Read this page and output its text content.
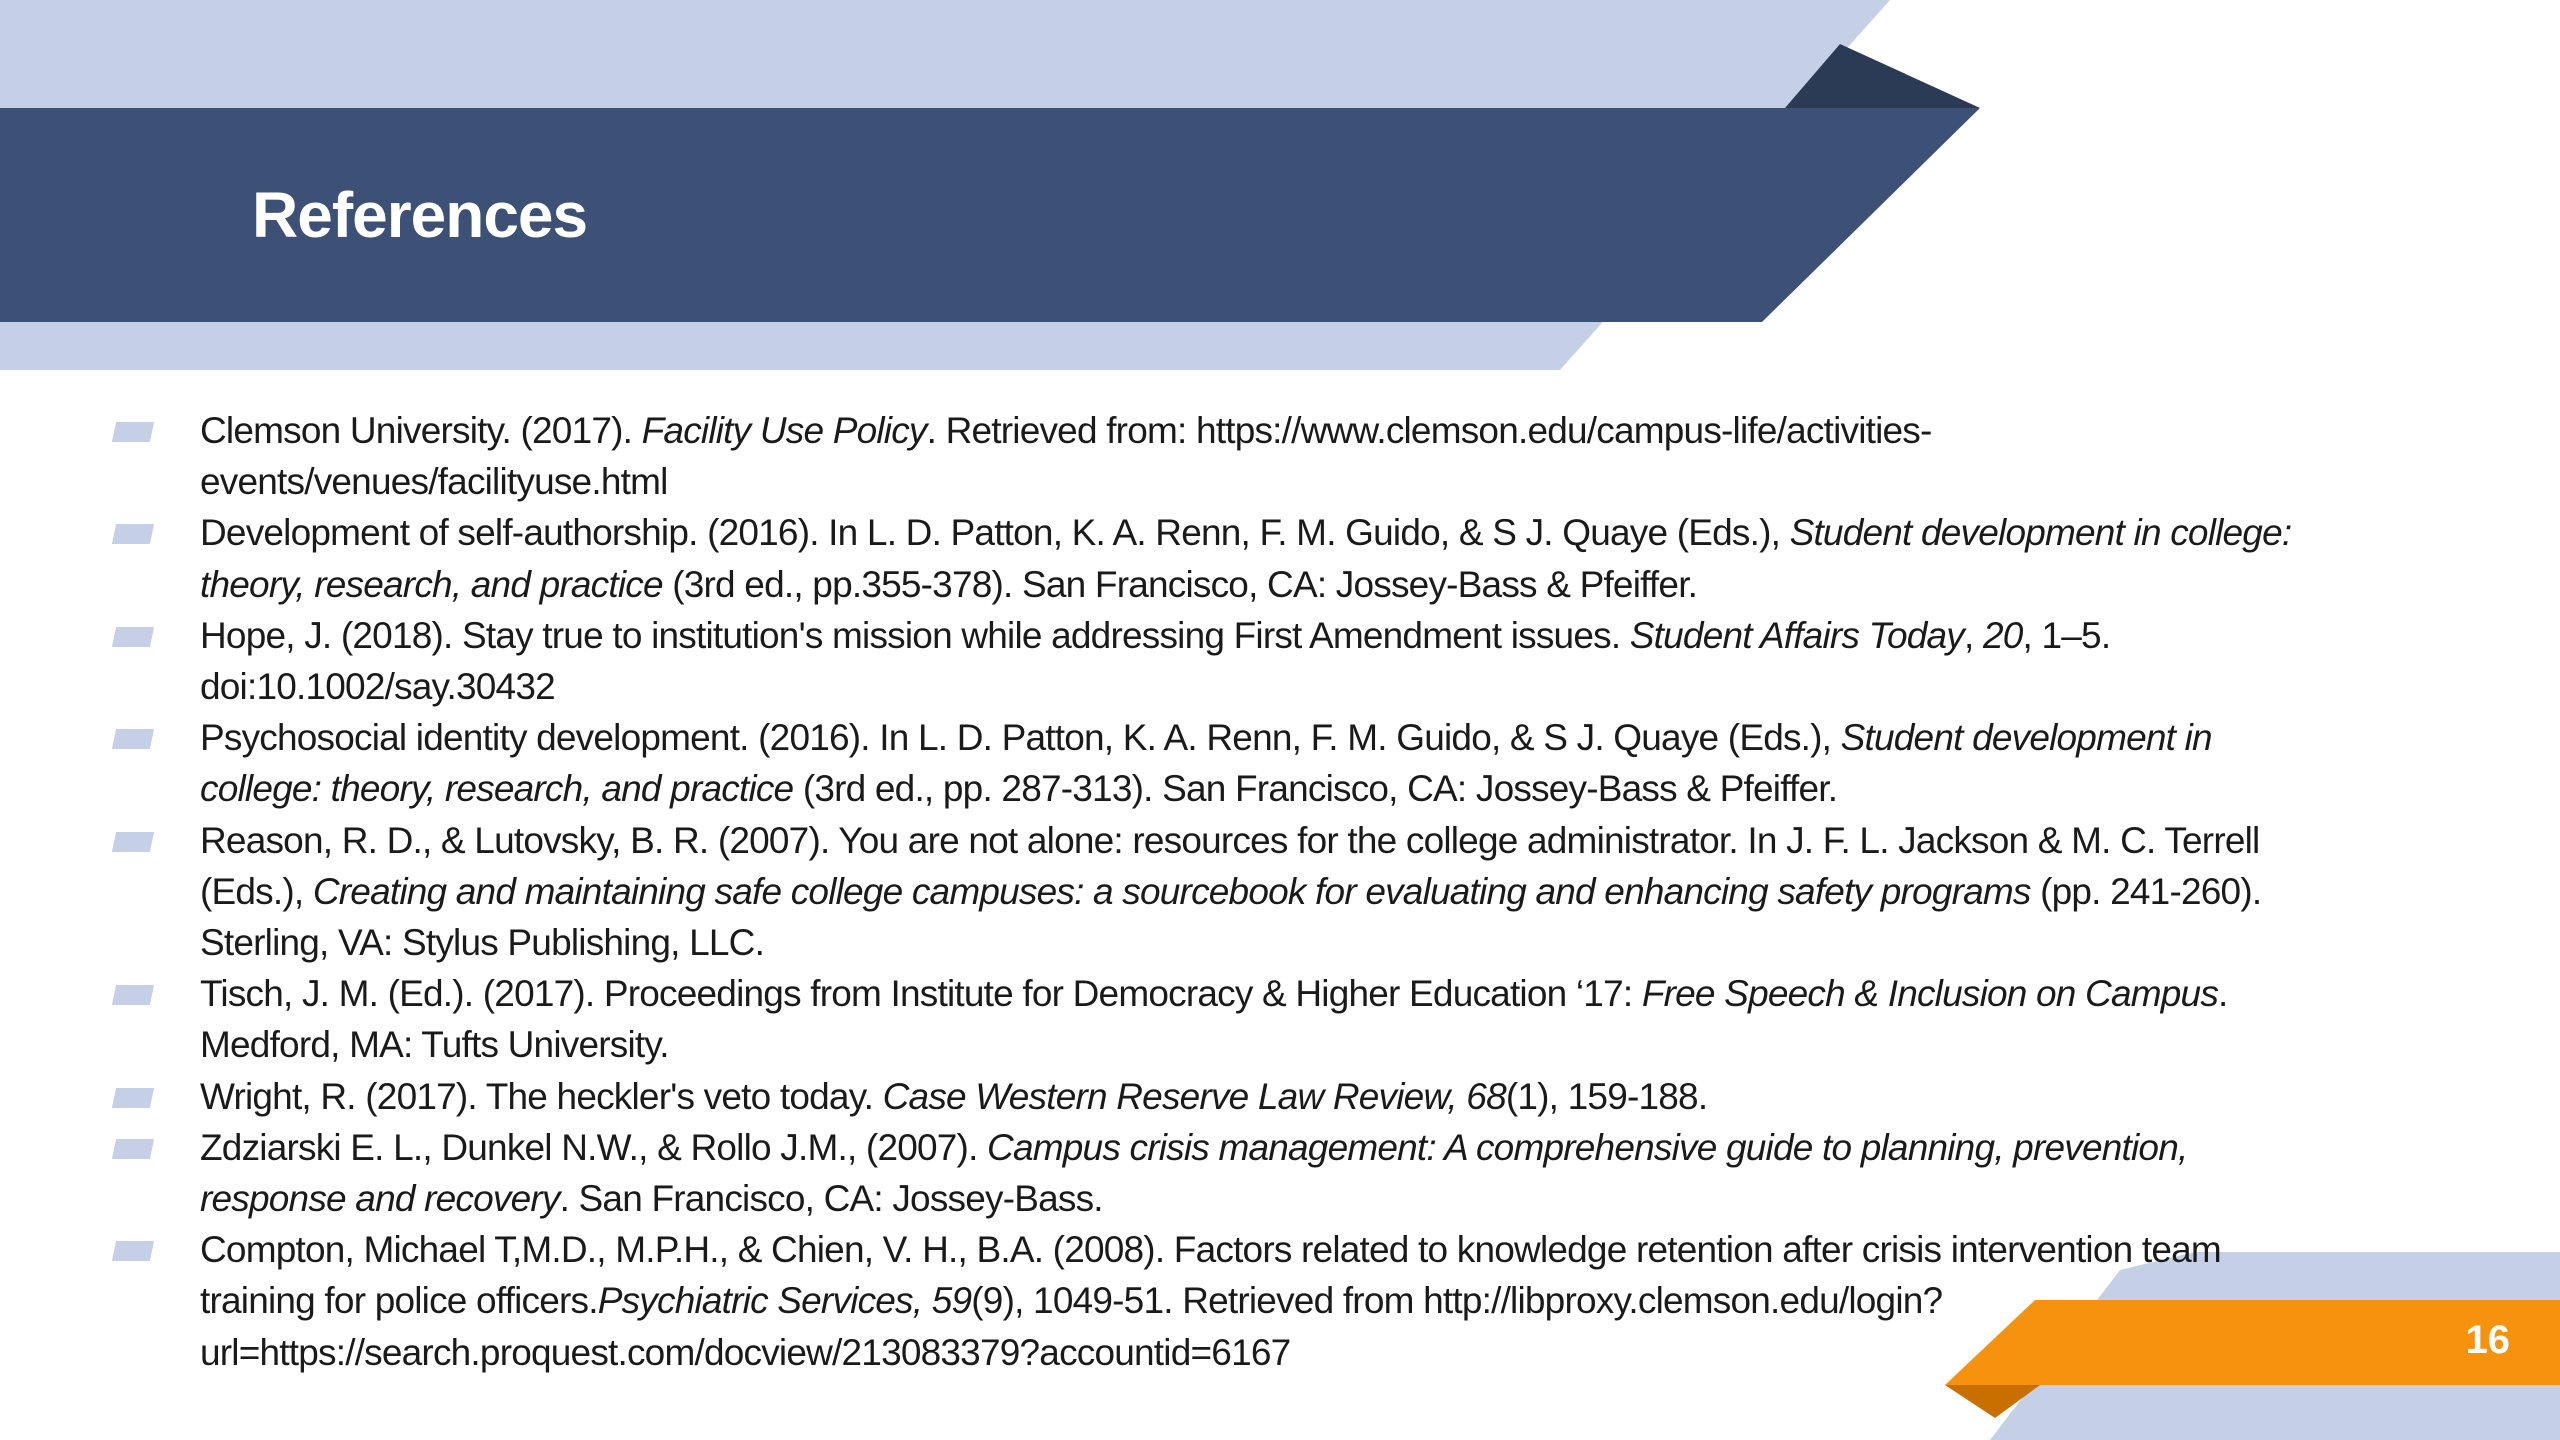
References
Clemson University. (2017). Facility Use Policy. Retrieved from: https://www.clemson.edu/campus-life/activities-events/venues/facilityuse.html
Development of self-authorship. (2016). In L. D. Patton, K. A. Renn, F. M. Guido, & S J. Quaye (Eds.), Student development in college: theory, research, and practice (3rd ed., pp.355-378). San Francisco, CA: Jossey-Bass & Pfeiffer.
Hope, J. (2018). Stay true to institution's mission while addressing First Amendment issues. Student Affairs Today, 20, 1–5. doi:10.1002/say.30432
Psychosocial identity development. (2016). In L. D. Patton, K. A. Renn, F. M. Guido, & S J. Quaye (Eds.), Student development in college: theory, research, and practice (3rd ed., pp. 287-313). San Francisco, CA: Jossey-Bass & Pfeiffer.
Reason, R. D., & Lutovsky, B. R. (2007). You are not alone: resources for the college administrator. In J. F. L. Jackson & M. C. Terrell (Eds.), Creating and maintaining safe college campuses: a sourcebook for evaluating and enhancing safety programs (pp. 241-260). Sterling, VA: Stylus Publishing, LLC.
Tisch, J. M. (Ed.). (2017). Proceedings from Institute for Democracy & Higher Education ‘17: Free Speech & Inclusion on Campus. Medford, MA: Tufts University.
Wright, R. (2017). The heckler's veto today. Case Western Reserve Law Review, 68(1), 159-188.
Zdziarski E. L., Dunkel N.W., & Rollo J.M., (2007). Campus crisis management: A comprehensive guide to planning, prevention, response and recovery. San Francisco, CA: Jossey-Bass.
Compton, Michael T,M.D., M.P.H., & Chien, V. H., B.A. (2008). Factors related to knowledge retention after crisis intervention team training for police officers.Psychiatric Services, 59(9), 1049-51. Retrieved from http://libproxy.clemson.edu/login?url=https://search.proquest.com/docview/213083379?accountid=6167	16
